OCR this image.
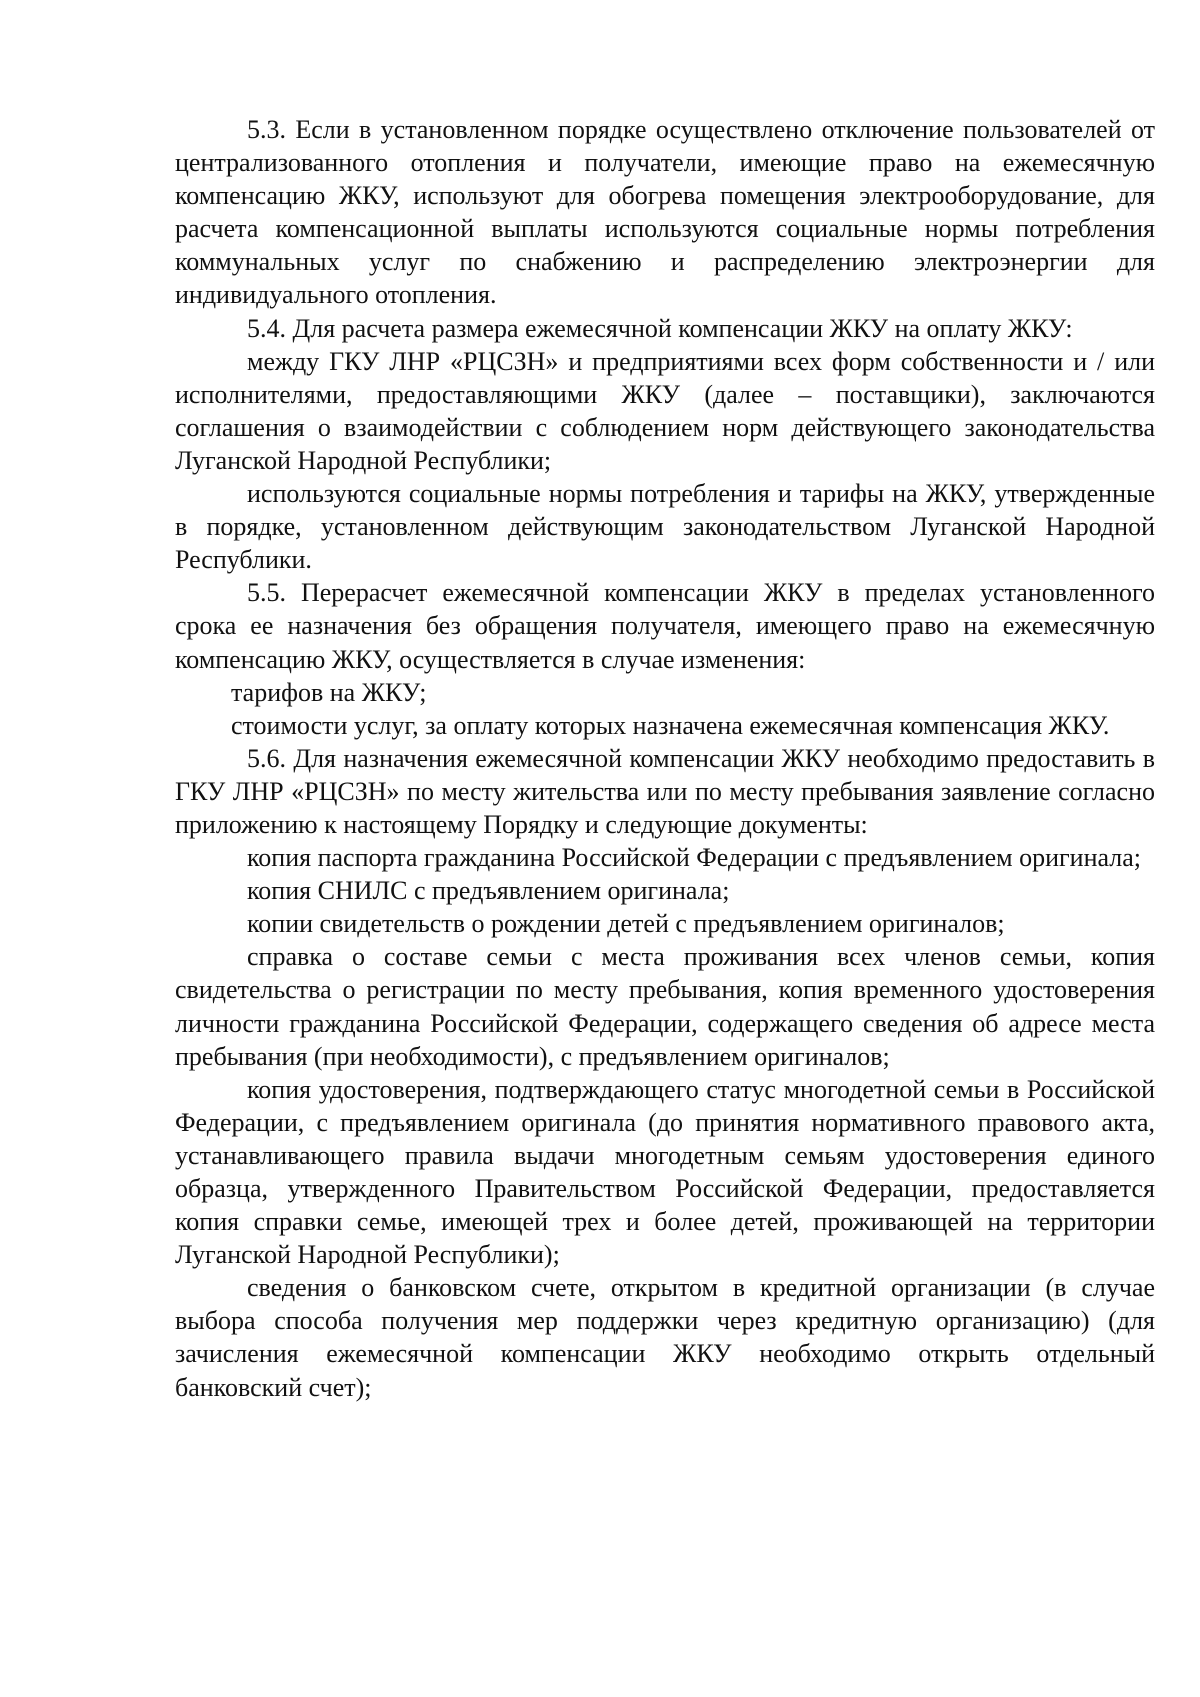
5.3. Если в установленном порядке осуществлено отключение пользователей от централизованного отопления и получатели, имеющие право на ежемесячную компенсацию ЖКУ, используют для обогрева помещения электрооборудование, для расчета компенсационной выплаты используются социальные нормы потребления коммунальных услуг по снабжению и распределению электроэнергии для индивидуального отопления.

5.4. Для расчета размера ежемесячной компенсации ЖКУ на оплату ЖКУ:

между ГКУ ЛНР «РЦСЗН» и предприятиями всех форм собственности и / или исполнителями, предоставляющими ЖКУ (далее – поставщики), заключаются соглашения о взаимодействии с соблюдением норм действующего законодательства Луганской Народной Республики;

используются социальные нормы потребления и тарифы на ЖКУ, утвержденные в порядке, установленном действующим законодательством Луганской Народной Республики.

5.5. Перерасчет ежемесячной компенсации ЖКУ в пределах установленного срока ее назначения без обращения получателя, имеющего право на ежемесячную компенсацию ЖКУ, осуществляется в случае изменения:

тарифов на ЖКУ;

стоимости услуг, за оплату которых назначена ежемесячная компенсация ЖКУ.

5.6. Для назначения ежемесячной компенсации ЖКУ необходимо предоставить в ГКУ ЛНР «РЦСЗН» по месту жительства или по месту пребывания заявление согласно приложению к настоящему Порядку и следующие документы:

копия паспорта гражданина Российской Федерации с предъявлением оригинала;

копия СНИЛС с предъявлением оригинала;

копии свидетельств о рождении детей с предъявлением оригиналов;

справка о составе семьи с места проживания всех членов семьи, копия свидетельства о регистрации по месту пребывания, копия временного удостоверения личности гражданина Российской Федерации, содержащего сведения об адресе места пребывания (при необходимости), с предъявлением оригиналов;

копия удостоверения, подтверждающего статус многодетной семьи в Российской Федерации, с предъявлением оригинала (до принятия нормативного правового акта, устанавливающего правила выдачи многодетным семьям удостоверения единого образца, утвержденного Правительством Российской Федерации, предоставляется копия справки семье, имеющей трех и более детей, проживающей на территории Луганской Народной Республики);

сведения о банковском счете, открытом в кредитной организации (в случае выбора способа получения мер поддержки через кредитную организацию) (для зачисления ежемесячной компенсации ЖКУ необходимо открыть отдельный банковский счет);
